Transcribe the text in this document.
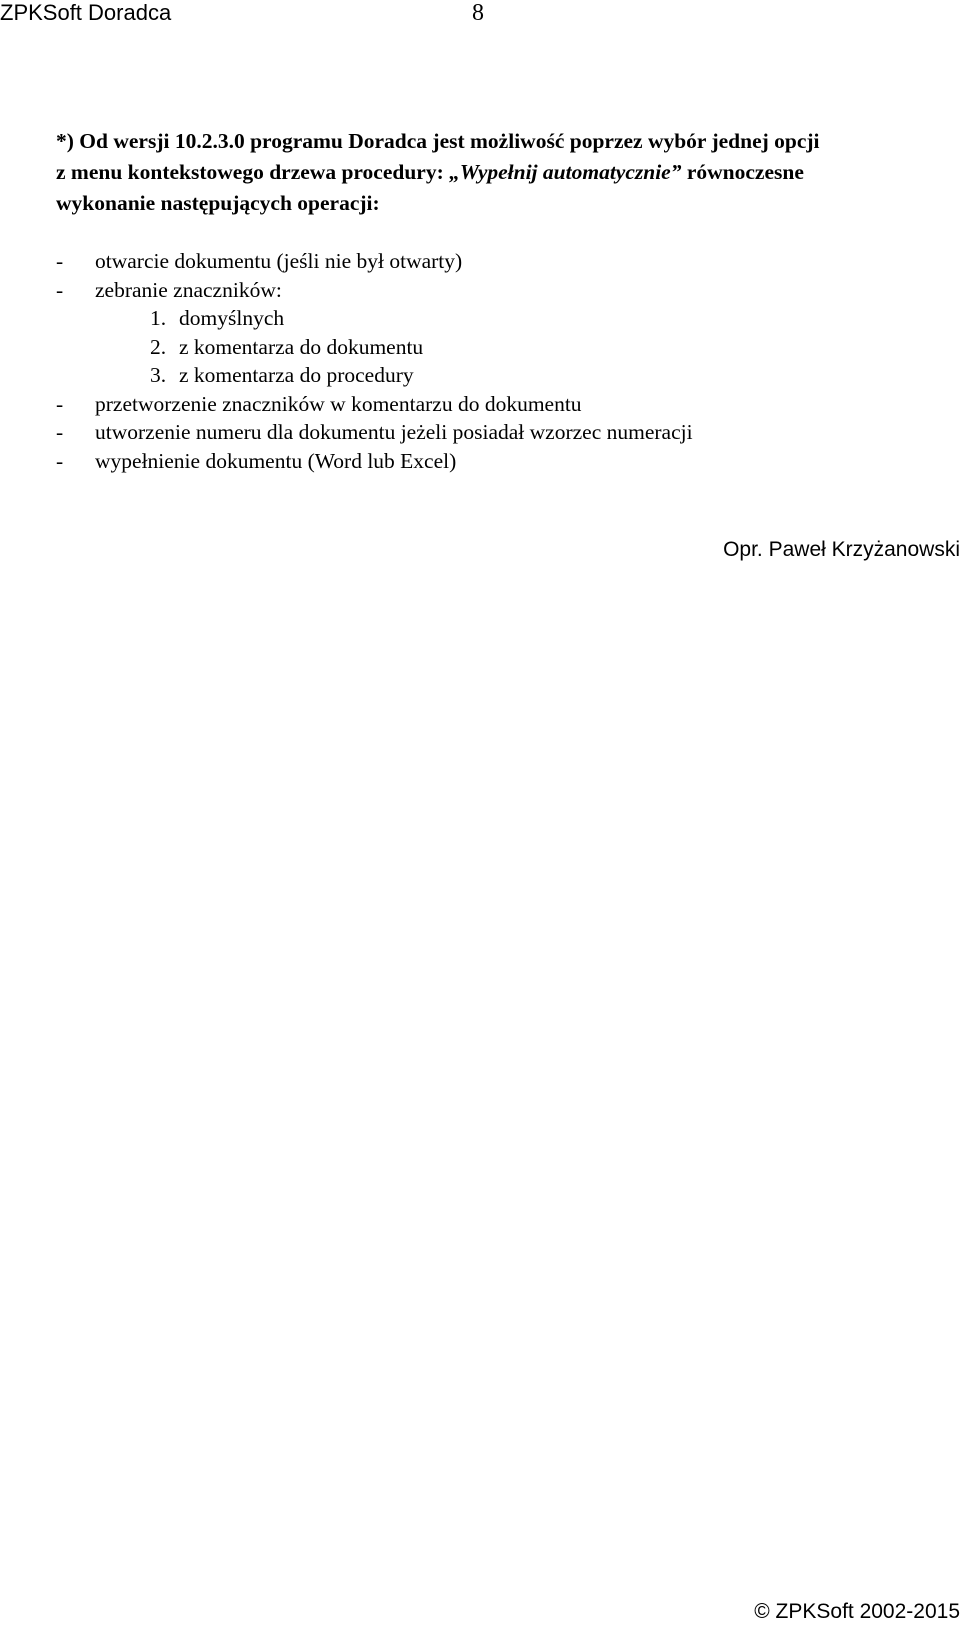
ZPKSoft Doradca	8
*) Od wersji 10.2.3.0 programu Doradca jest możliwość poprzez wybór jednej opcji
z menu kontekstowego drzewa procedury: „Wypełnij automatycznie” równoczesne
wykonanie następujących operacji:
-	otwarcie dokumentu (jeśli nie był otwarty)
-	zebranie znaczników:
1. domyślnych
2. z komentarza do dokumentu
3. z komentarza do procedury
-	przetworzenie znaczników w komentarzu do dokumentu
-	utworzenie numeru dla dokumentu jeżeli posiadał wzorzec numeracji
-	wypełnienie dokumentu (Word lub Excel)
Opr. Paweł Krzyżanowski
© ZPKSoft 2002-2015
